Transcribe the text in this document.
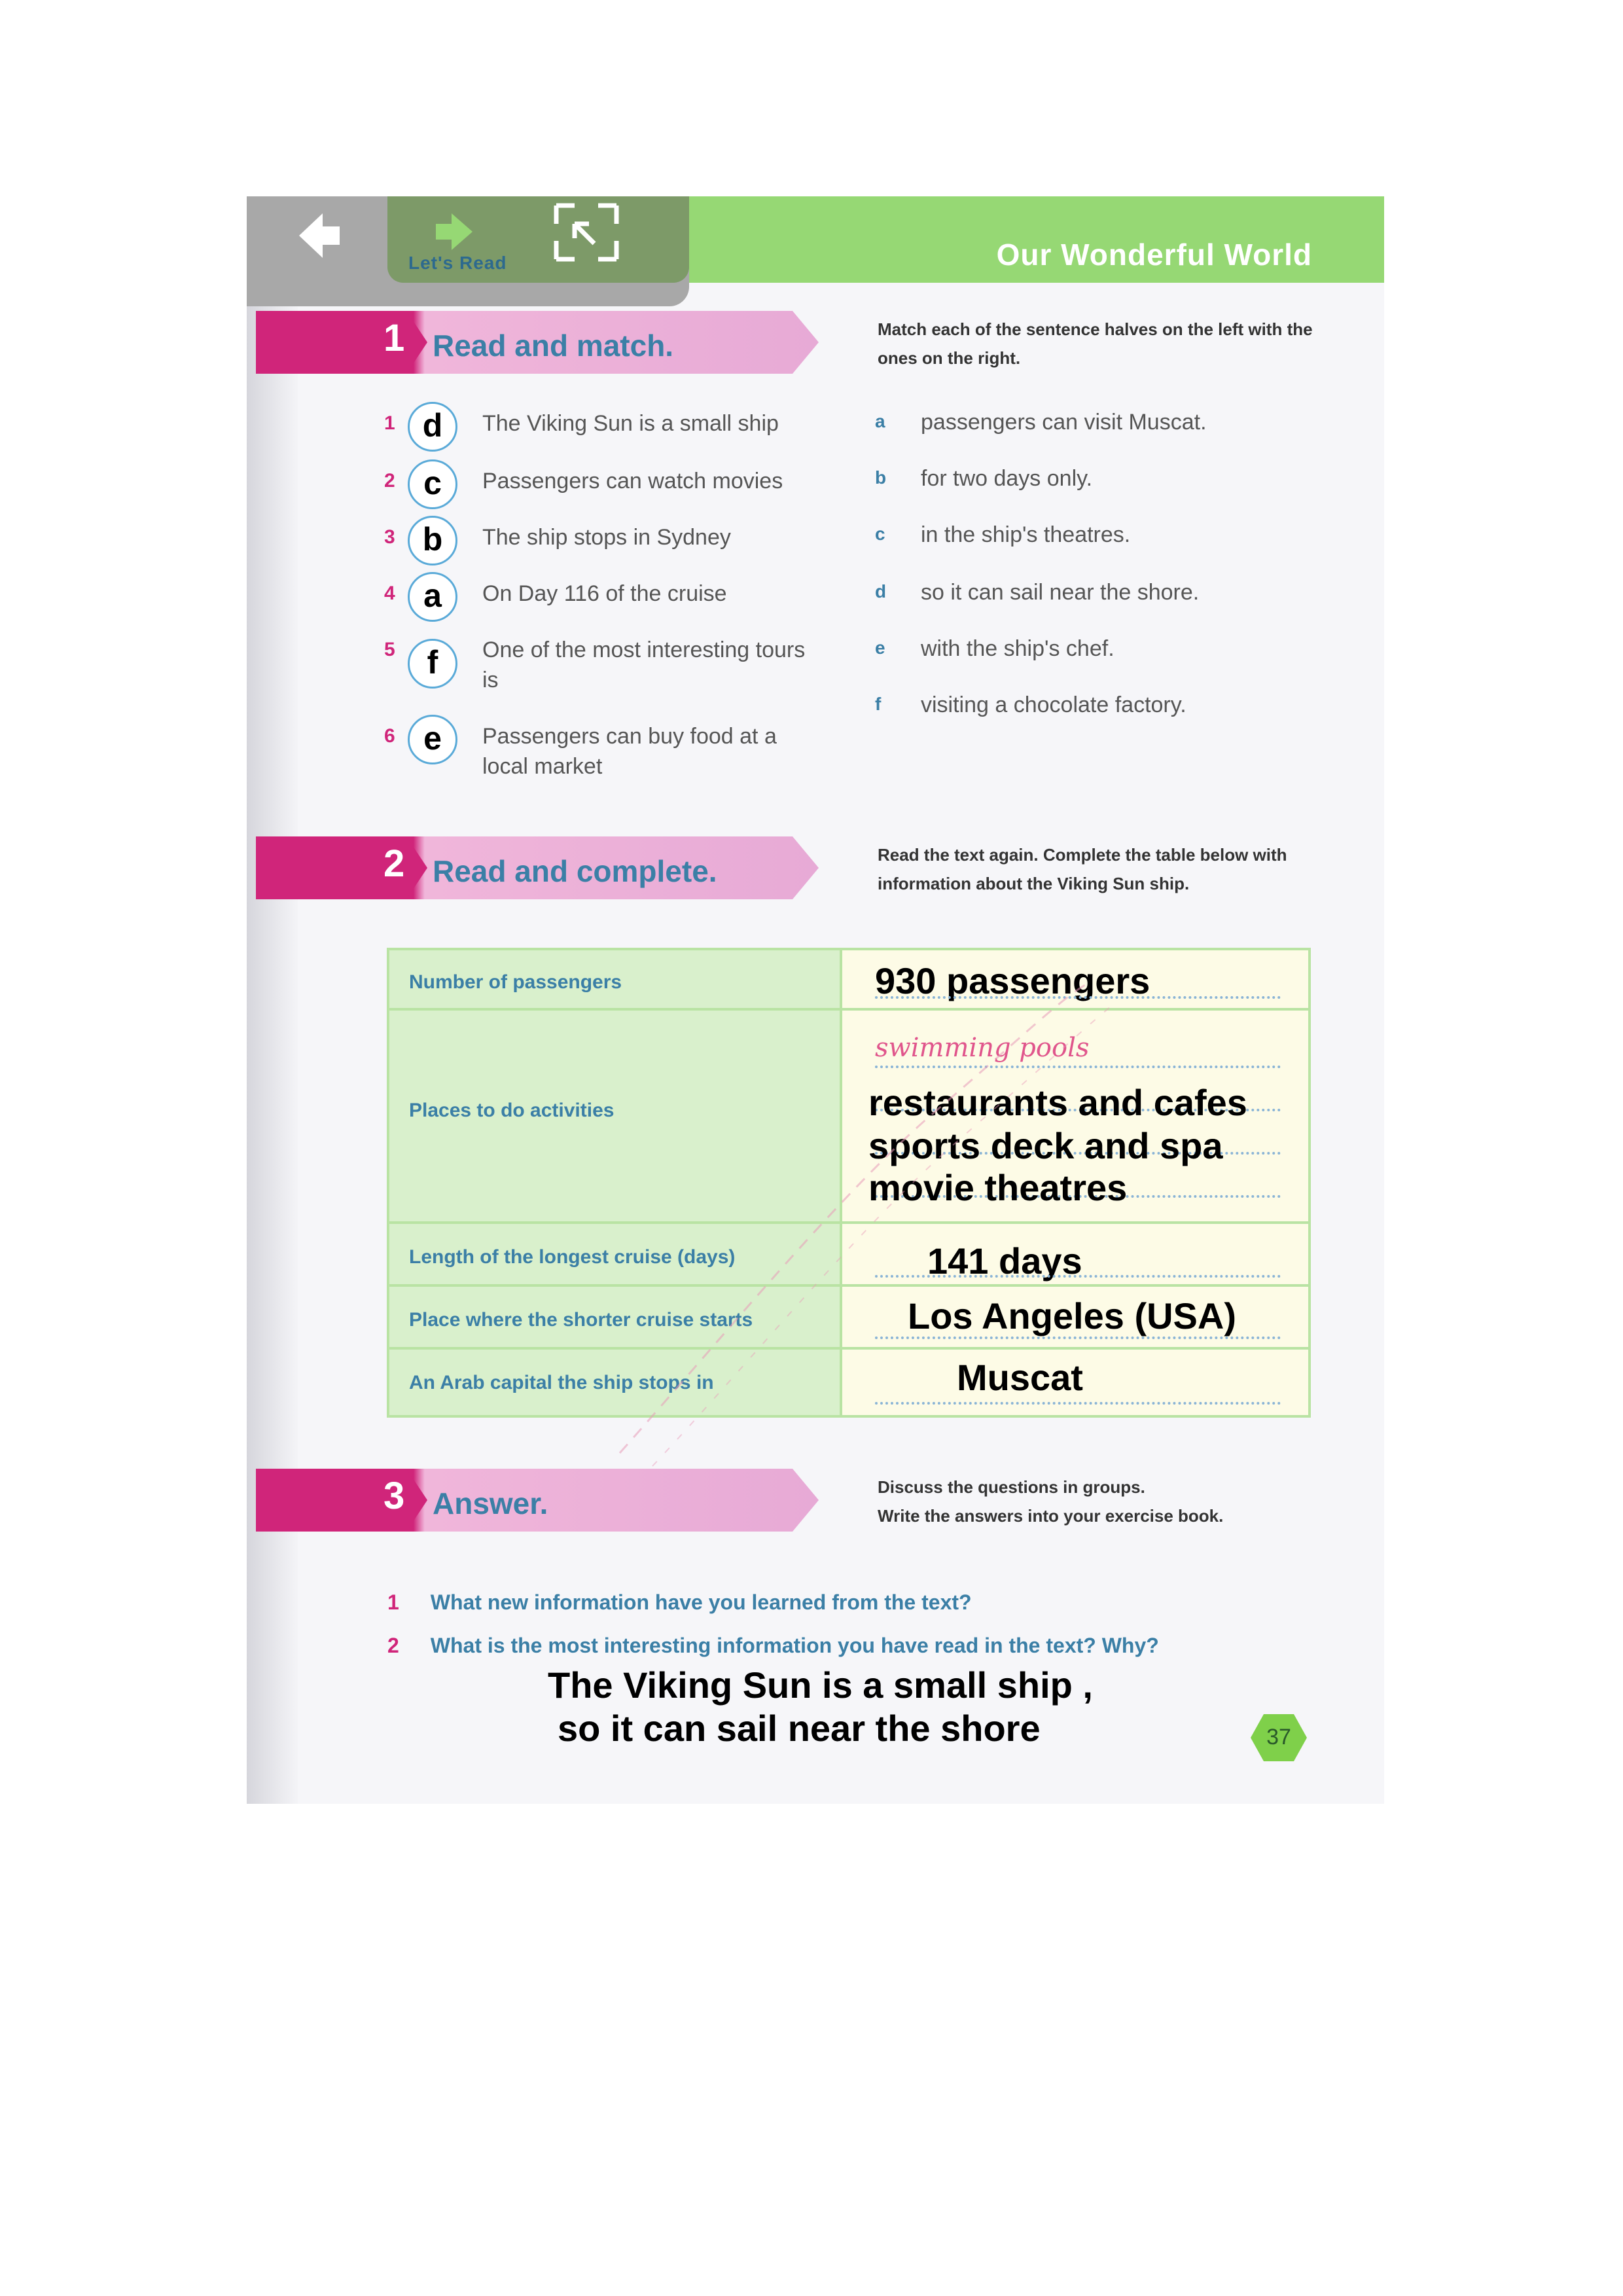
Our Wonderful World
Let's Read
1 Read and match.	Match each of the sentence halves on the left with the ones on the right.
1 d	The Viking Sun is a small ship
2 c	Passengers can watch movies
3 b	The ship stops in Sydney
4 a	On Day 116 of the cruise
5 f	One of the most interesting tours is
6 e	Passengers can buy food at a local market
a passengers can visit Muscat.
b for two days only.
c in the ship's theatres.
d so it can sail near the shore.
e with the ship's chef.
f visiting a chocolate factory.
2 Read and complete.	Read the text again. Complete the table below with information about the Viking Sun ship.
Number of passengers	930 passengers
Places to do activities
swimming pools
restaurants and cafes
sports deck and spa
movie theatres
Length of the longest cruise (days)	141 days
Place where the shorter cruise starts	Los Angeles (USA)
An Arab capital the ship stops in	Muscat
3 Answer.	Discuss the questions in groups.
Write the answers into your exercise book.
1 What new information have you learned from the text?
2 What is the most interesting information you have read in the text? Why?
The Viking Sun is a small ship ,
so it can sail near the shore	37
